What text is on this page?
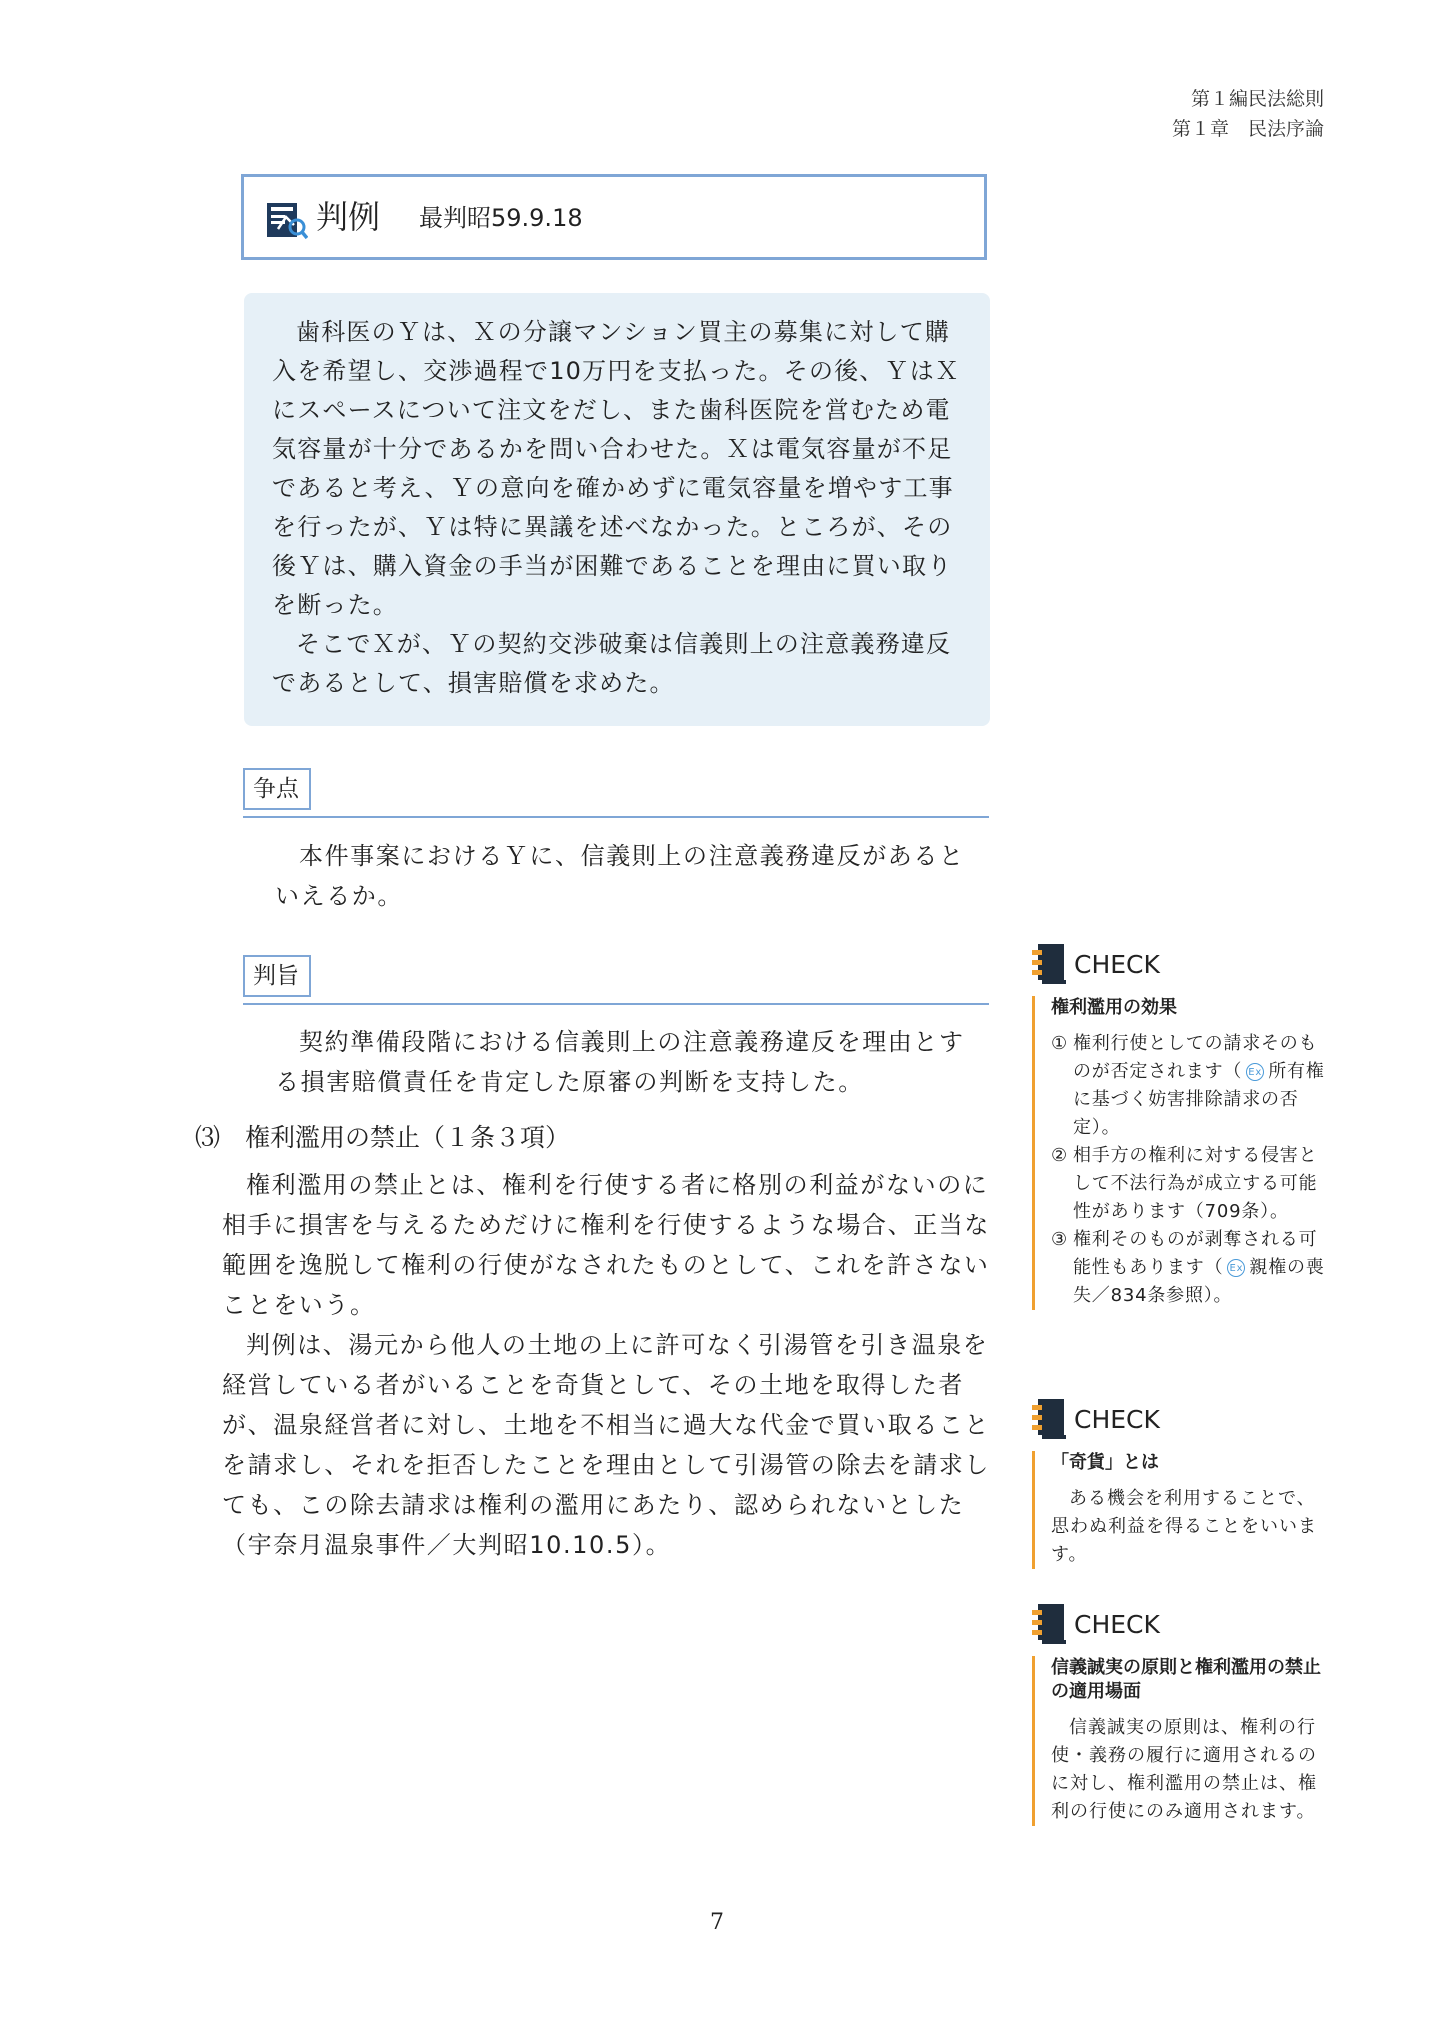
第１編民法総則
第１章　民法序論
判例 最判昭59.9.18

歯科医のＹは、Ｘの分譲マンション買主の募集に対して購入を希望し、交渉過程で10万円を支払った。その後、ＹはＸにスペースについて注文をだし、また歯科医院を営むため電気容量が十分であるかを問い合わせた。Ｘは電気容量が不足であると考え、Ｙの意向を確かめずに電気容量を増やす工事を行ったが、Ｙは特に異議を述べなかった。ところが、その後Ｙは、購入資金の手当が困難であることを理由に買い取りを断った。

そこでＸが、Ｙの契約交渉破棄は信義則上の注意義務違反であるとして、損害賠償を求めた。

争点

本件事案におけるＹに、信義則上の注意義務違反があるといえるか。

判旨

契約準備段階における信義則上の注意義務違反を理由とする損害賠償責任を肯定した原審の判断を支持した。

⑶ 権利濫用の禁止（１条３項）

権利濫用の禁止とは、権利を行使する者に格別の利益がないのに相手に損害を与えるためだけに権利を行使するような場合、正当な範囲を逸脱して権利の行使がなされたものとして、これを許さないことをいう。

判例は、湯元から他人の土地の上に許可なく引湯管を引き温泉を経営している者がいることを奇貨として、その土地を取得した者が、温泉経営者に対し、土地を不相当に過大な代金で買い取ることを請求し、それを拒否したことを理由として引湯管の除去を請求しても、この除去請求は権利の濫用にあたり、認められないとした（宇奈月温泉事件／大判昭10.10.5）。

CHECK
権利濫用の効果
① 権利行使としての請求そのものが否定されます（ Ex 所有権に基づく妨害排除請求の否定）。
② 相手方の権利に対する侵害として不法行為が成立する可能性があります（709条）。
③ 権利そのものが剥奪される可能性もあります（ Ex 親権の喪失／834条参照）。
CHECK
「奇貨」とは
ある機会を利用することで、思わぬ利益を得ることをいいます。
CHECK
信義誠実の原則と権利濫用の禁止の適用場面
信義誠実の原則は、権利の行使・義務の履行に適用されるのに対し、権利濫用の禁止は、権利の行使にのみ適用されます。
7
